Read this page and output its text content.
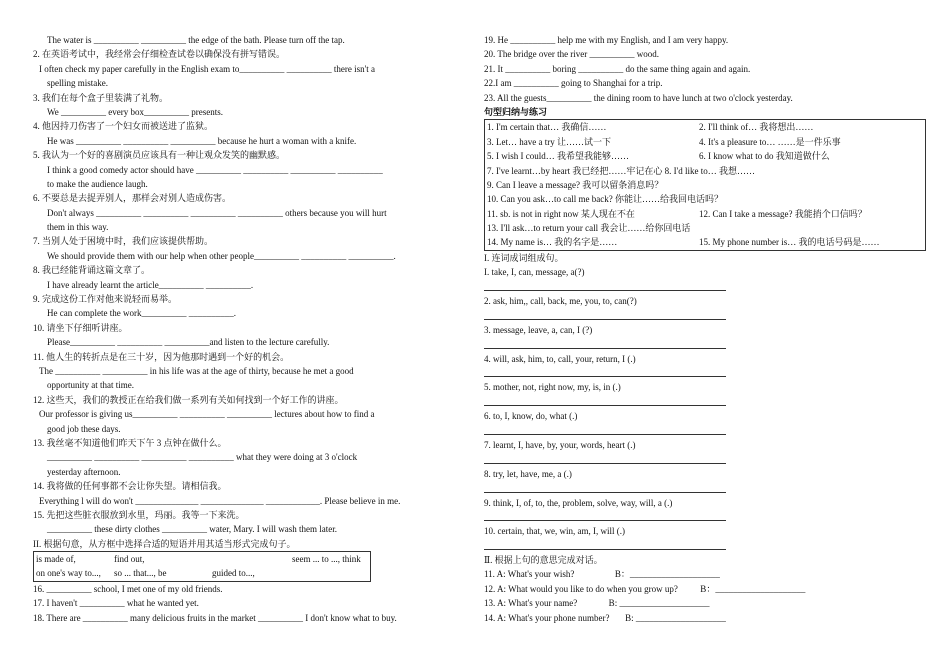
The water is __________ __________ the edge of the bath. Please turn off the tap.
2. 在英语考试中，我经常会仔细检查试卷以确保没有拼写错误。
I often check my paper carefully in the English exam to__________ __________ there isn't a
spelling mistake.
3. 我们在每个盒子里装满了礼物。
We __________ every box__________ presents.
4. 他因持刀伤害了一个妇女而被送进了监狱。
He was __________ __________ __________ because he hurt a woman with a knife.
5. 我认为一个好的喜剧演员应该具有一种让观众发笑的幽默感。
I think a good comedy actor should have __________ __________ __________ __________
to make the audience laugh.
6. 不要总是去捉弄别人，那样会对别人造成伤害。
Don't always __________ __________ __________ __________ others because you will hurt
them in this way.
7. 当别人处于困境中时，我们应该提供帮助。
We should provide them with our help when other people__________ __________ __________.
8. 我已经能背诵这篇文章了。
I have already learnt the article__________ __________.
9. 完成这份工作对他来说轻而易举。
He can complete the work__________ __________.
10. 请坐下仔细听讲座。
Please__________ __________ __________and listen to the lecture carefully.
11. 他人生的转折点是在三十岁，因为他那时遇到一个好的机会。
The __________ __________ in his life was at the age of thirty, because he met a good
opportunity at that time.
12. 这些天，我们的教授正在给我们做一系列有关如何找到一个好工作的讲座。
Our professor is giving us__________ __________ __________ lectures about how to find a
good job these days.
13. 我丝毫不知道他们昨天下午 3 点钟在做什么。
__________ __________ __________ __________ what they were doing at 3 o'clock
yesterday afternoon.
14. 我将做的任何事都不会让你失望。请相信我。
Everything l will do won't ______________ ______________ ____________. Please believe in me.
15. 先把这些脏衣服放到水里，玛丽。我等一下来洗。
__________ these dirty clothes __________ water, Mary. I will wash them later.
II. 根据句意，从方框中选择合适的短语并用其适当形式完成句子。
is made of,	find out,	seem ... to ..., think
on one's way to...,	so ... that..., be	guided to...,
16. __________ school, I met one of my old friends.
17. I haven't __________ what he wanted yet.
18. There are __________ many delicious fruits in the market __________ I don't know what to buy.
19. He __________ help me with my English, and I am very happy.
20. The bridge over the river __________ wood.
21. It __________ boring __________ do the same thing again and again.
22.I am __________ going to Shanghai for a trip.
23. All the guests__________ the dining room to have lunch at two o'clock yesterday.
句型归纳与练习
1. I'm certain that… 我确信……	2. I'll think of… 我将想出……
3. Let… have a try 让……试一下	4. It's a pleasure to… ……是一件乐事
5. I wish I could… 我希望我能够……	6. I know what to do 我知道做什么
7. I've learnt…by heart 我已经把……牢记在心 8. I'd like to… 我想……
9. Can I leave a message? 我可以留条消息吗？
10. Can you ask…to call me back? 你能让……给我回电话吗？
11. sb. is not in right now 某人现在不在	12. Can I take a message? 我能捎个口信吗？
13. I'll ask…to return your call 我会让……给你回电话
14. My name is… 我的名字是……	15. My phone number is… 我的电话号码是……
I. 连词成词组成句。
I. take, I, can, message, a(?)
2. ask, him,, call, back, me, you, to, can(?)
3. message, leave, a, can, I (?)
4. will, ask, him, to, call, your, return, I (.)
5. mother, not, right now, my, is, in (.)
6. to, I, know, do, what (.)
7. learnt, I, have, by, your, words, heart (.)
8. try, let, have, me, a (.)
9. think, I, of, to, the, problem, solve, way, will, a (.)
10. certain, that, we, win, am, I, will (.)
Ⅱ. 根据上句的意思完成对话。
11. A: What's your wish?                  B：____________________
12. A: What would you like to do when you grow up?          B：____________________
13. A: What's your name?              B: ____________________
14. A: What's your phone number?       B: ____________________
